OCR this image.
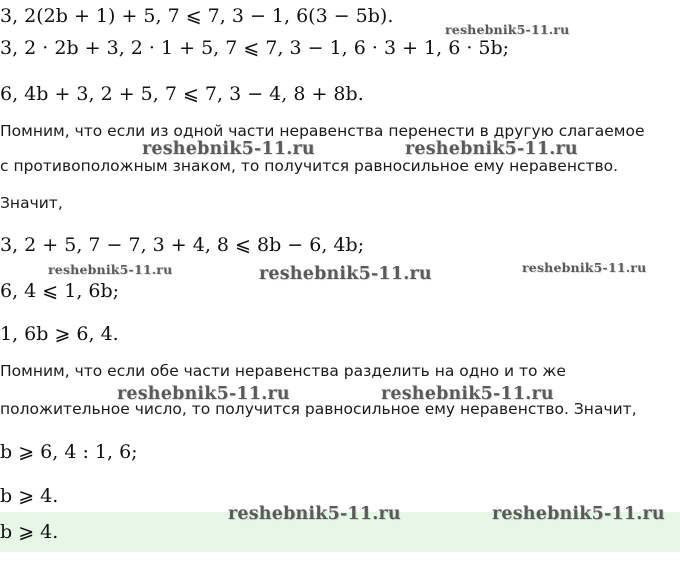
3, 2(2b + 1) + 5, 7 ⩽ 7, 3 − 1, 6(3 − 5b).
reshebnik5-11.ru
3, 2 · 2b + 3, 2 · 1 + 5, 7 ⩽ 7, 3 − 1, 6 · 3 + 1, 6 · 5b;
6, 4b + 3, 2 + 5, 7 ⩽ 7, 3 − 4, 8 + 8b.
Помним, что если из одной части неравенства перенести в другую слагаемое
reshebnik5-11.ru	reshebnik5-11.ru
с противоположным знаком, то получится равносильное ему неравенство.
Значит,
3, 2 + 5, 7 − 7, 3 + 4, 8 ⩽ 8b − 6, 4b;
reshebnik5-11.ru	reshebnik5-11.ru	reshebnik5-11.ru
6, 4 ⩽ 1, 6b;
1, 6b ⩾ 6, 4.
Помним, что если обе части неравенства разделить на одно и то же
reshebnik5-11.ru	reshebnik5-11.ru
положительное число, то получится равносильное ему неравенство. Значит,
b ⩾ 6, 4 : 1, 6;
b ⩾ 4.
reshebnik5-11.ru	reshebnik5-11.ru
b ⩾ 4.
